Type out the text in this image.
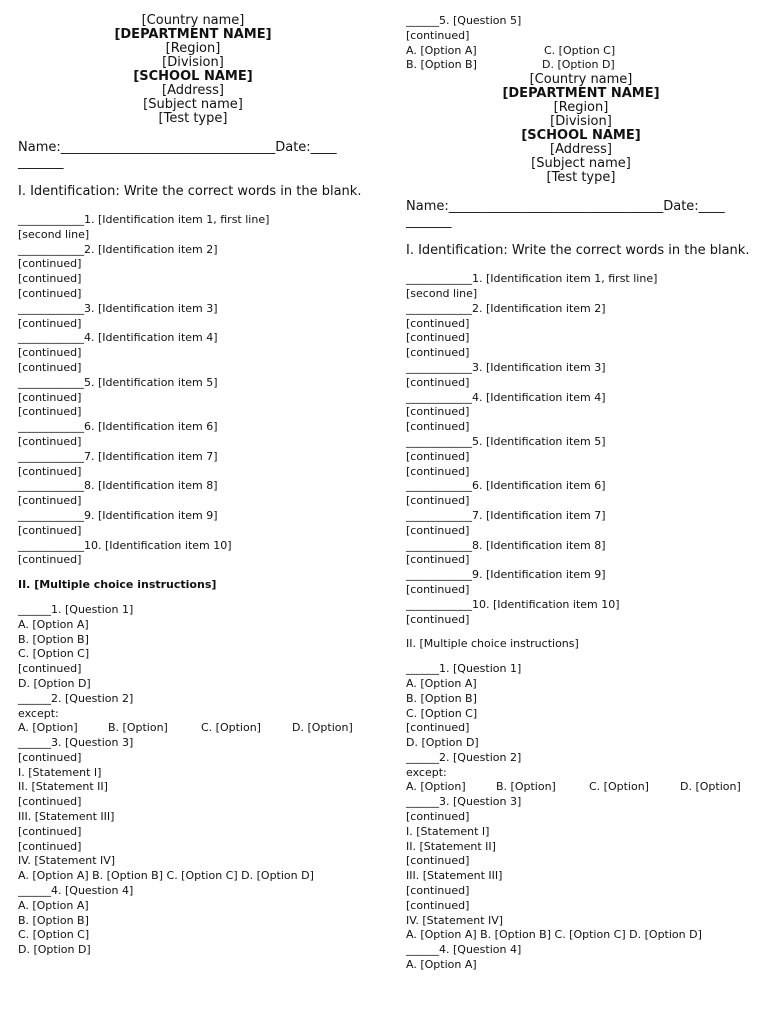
[Country name]

[DEPARTMENT NAME]

[Region]

[Division]

[SCHOOL NAME]

[Address]

[Subject name]

[Test type]

Name:_________________________________Date:____

_______

I. Identification: Write the correct words in the blank.

____________1. [Identification item 1, first line]
[second line]

____________2. [Identification item 2]
[continued]
[continued]
[continued]

____________3. [Identification item 3]
[continued]

____________4. [Identification item 4]
[continued]
[continued]

____________5. [Identification item 5]
[continued]
[continued]

____________6. [Identification item 6]
[continued]

____________7. [Identification item 7]
[continued]

____________8. [Identification item 8]
[continued]

____________9. [Identification item 9]
[continued]

____________10. [Identification item 10]
[continued]

II. [Multiple choice instructions]

______1. [Question 1]

A. [Option A]

B. [Option B]

C. [Option C]
[continued]

D. [Option D]

______2. [Question 2]
except:

A. [Option]	B. [Option]	C. [Option]	D. [Option]

______3. [Question 3]
[continued]

I. [Statement I]

II. [Statement II]
[continued]

III. [Statement III]
[continued]
[continued]

IV. [Statement IV]

A. [Option A] B. [Option B] C. [Option C] D. [Option D]

______4. [Question 4]

A. [Option A]

B. [Option B]

C. [Option C]

D. [Option D]

______5. [Question 5]
[continued]

A. [Option A]	C. [Option C]
B. [Option B]	D. [Option D]

[Country name]

[DEPARTMENT NAME]

[Region]

[Division]

[SCHOOL NAME]

[Address]

[Subject name]

[Test type]

Name:_________________________________Date:____

_______

I. Identification: Write the correct words in the blank.

____________1. [Identification item 1, first line]
[second line]

____________2. [Identification item 2]
[continued]
[continued]
[continued]

____________3. [Identification item 3]
[continued]

____________4. [Identification item 4]
[continued]
[continued]

____________5. [Identification item 5]
[continued]
[continued]

____________6. [Identification item 6]
[continued]

____________7. [Identification item 7]
[continued]

____________8. [Identification item 8]
[continued]

____________9. [Identification item 9]
[continued]

____________10. [Identification item 10]
[continued]

II. [Multiple choice instructions]

______1. [Question 1]

A. [Option A]

B. [Option B]

C. [Option C]
[continued]

D. [Option D]

______2. [Question 2]
except:

A. [Option]	B. [Option]	C. [Option]	D. [Option]

______3. [Question 3]
[continued]

I. [Statement I]

II. [Statement II]
[continued]

III. [Statement III]
[continued]
[continued]

IV. [Statement IV]

A. [Option A] B. [Option B] C. [Option C] D. [Option D]

______4. [Question 4]

A. [Option A]
